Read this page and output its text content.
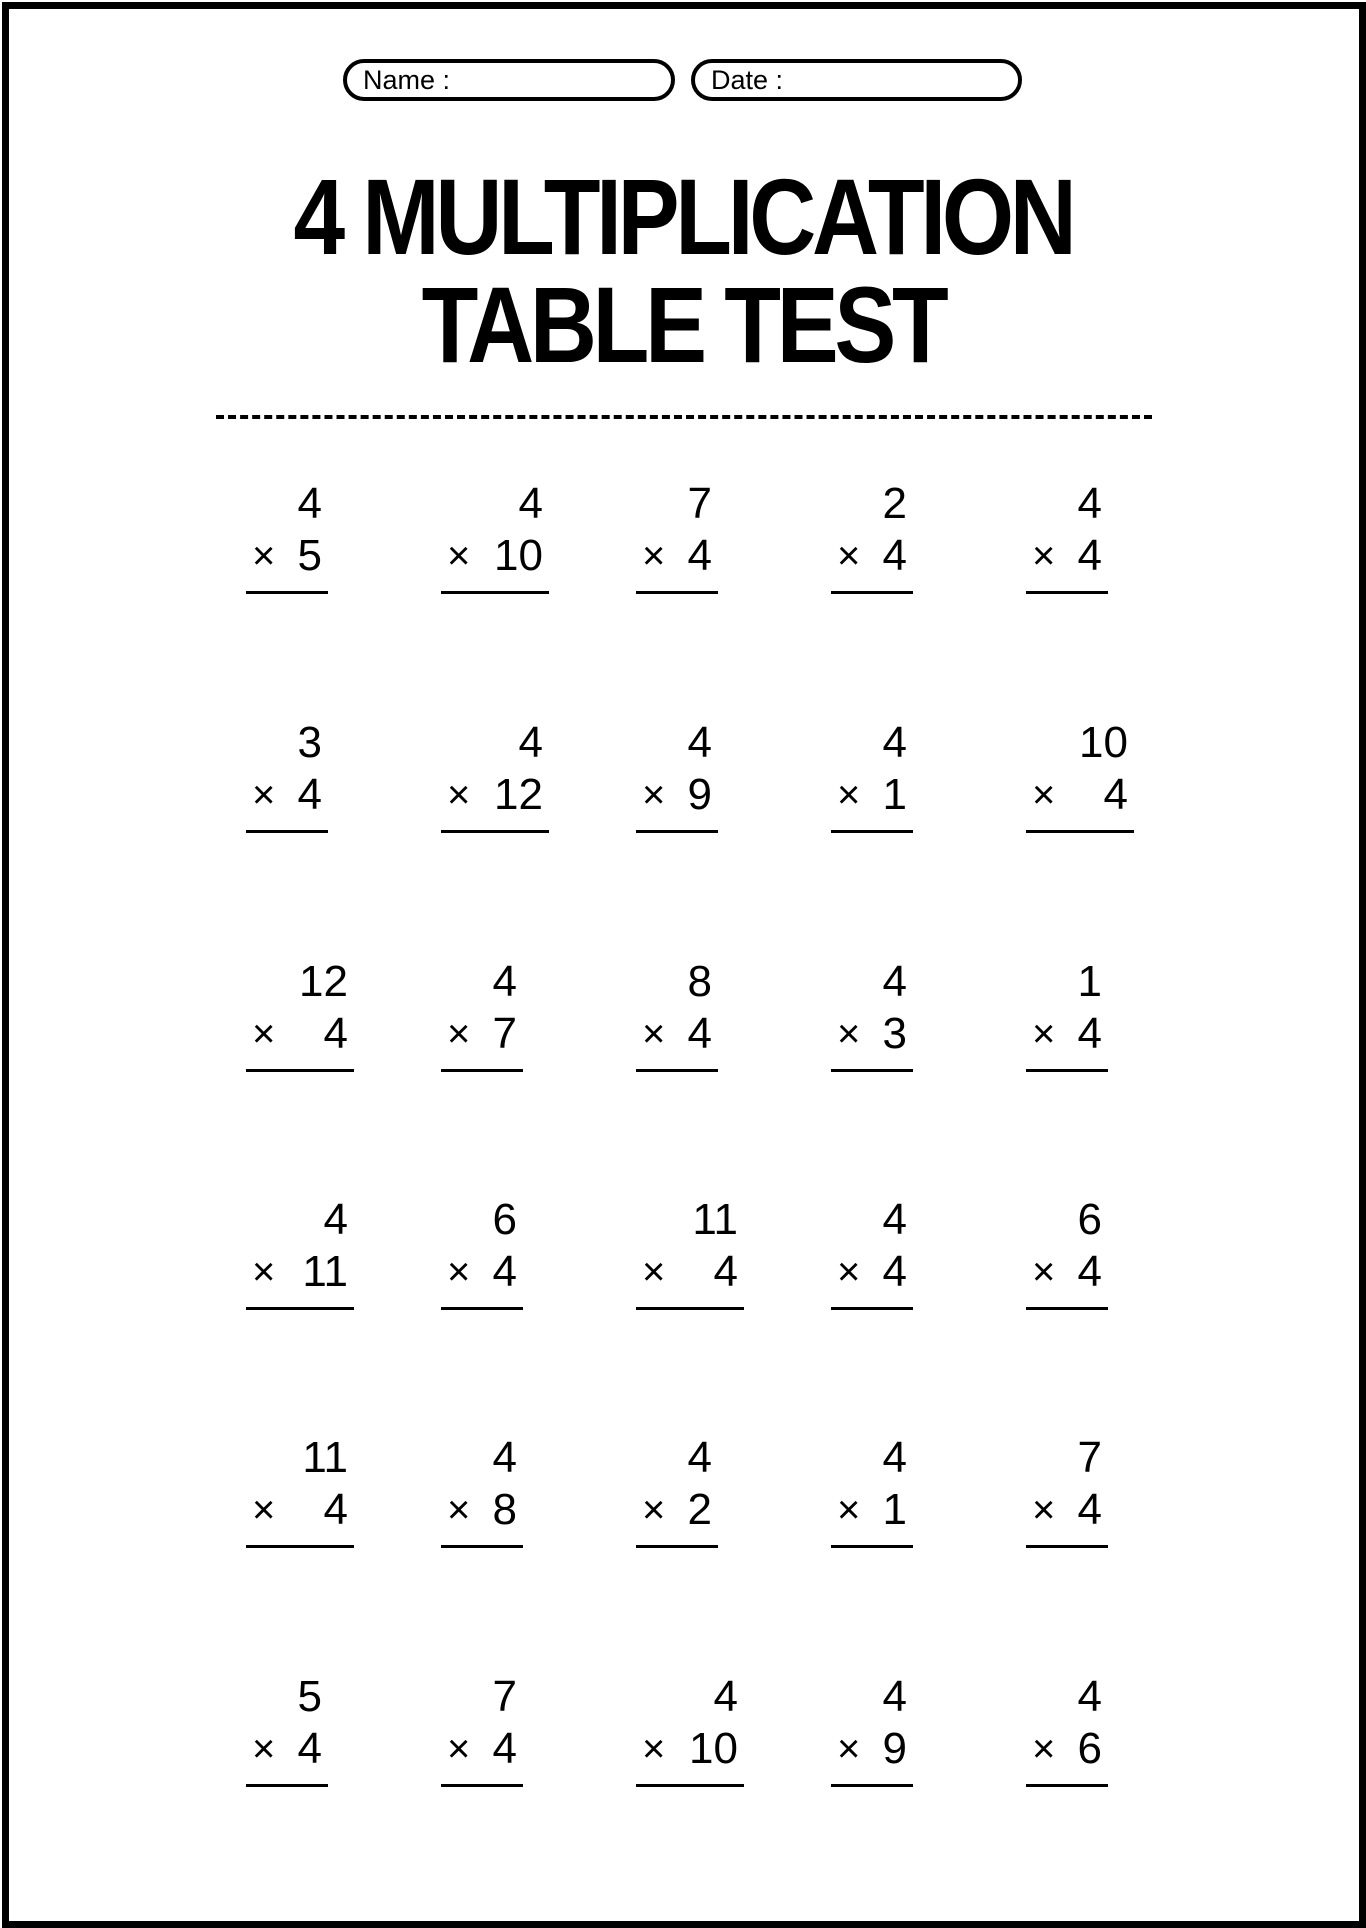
Name :	Date :
4 MULTIPLICATION
TABLE TEST
4
× 5
4
× 10
7
× 4
2
× 4
4
× 4
3
× 4
4
× 12
4
× 9
4
× 1
10
× 4
12
× 4
4
× 7
8
× 4
4
× 3
1
× 4
4
× 11
6
× 4
11
× 4
4
× 4
6
× 4
11
× 4
4
× 8
4
× 2
4
× 1
7
× 4
5
× 4
7
× 4
4
× 10
4
× 9
4
× 6
